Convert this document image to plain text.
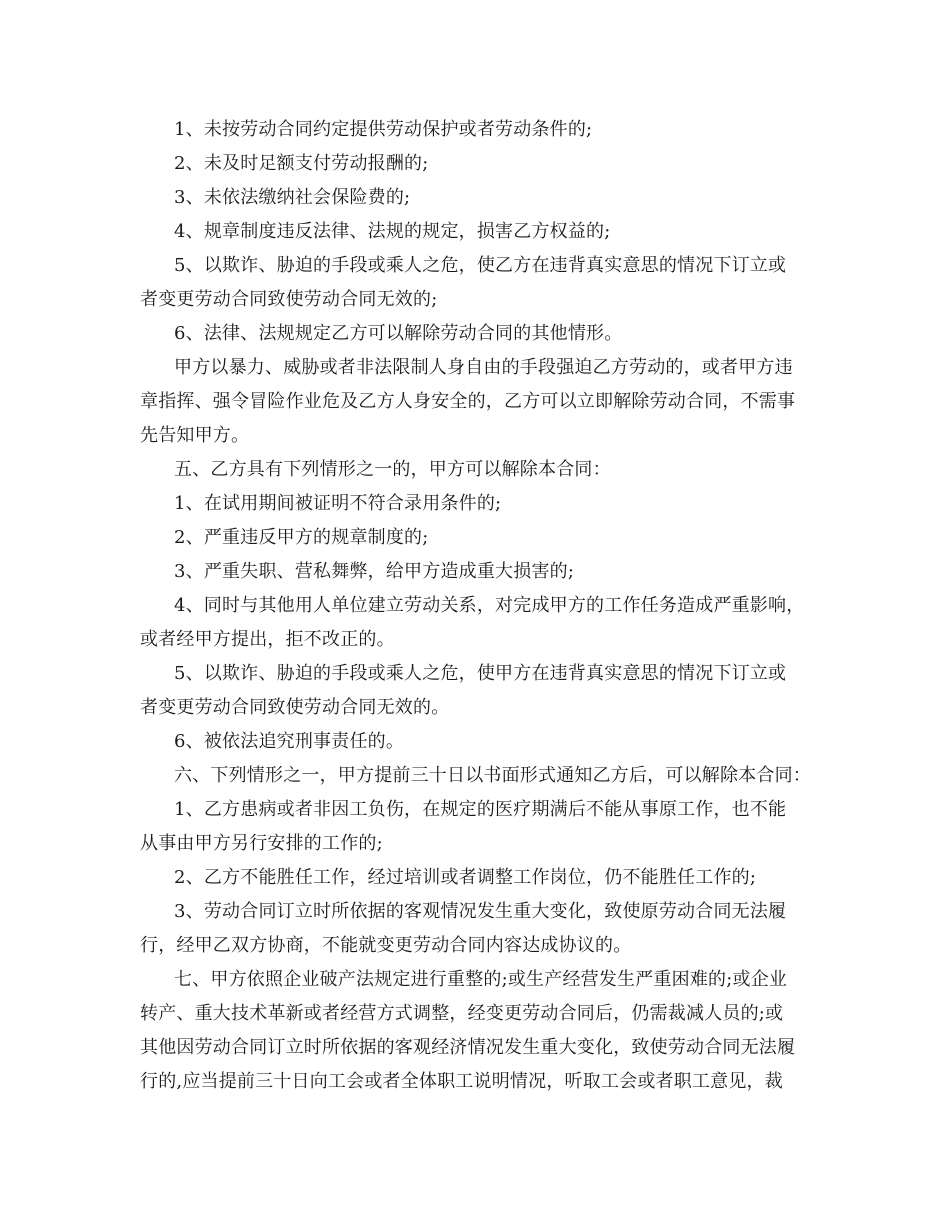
1、未按劳动合同约定提供劳动保护或者劳动条件的;
2、未及时足额支付劳动报酬的;
3、未依法缴纳社会保险费的;
4、规章制度违反法律、法规的规定，损害乙方权益的;
5、以欺诈、胁迫的手段或乘人之危，使乙方在违背真实意思的情况下订立或
者变更劳动合同致使劳动合同无效的;
6、法律、法规规定乙方可以解除劳动合同的其他情形。
甲方以暴力、威胁或者非法限制人身自由的手段强迫乙方劳动的，或者甲方违
章指挥、强令冒险作业危及乙方人身安全的，乙方可以立即解除劳动合同，不需事
先告知甲方。
五、乙方具有下列情形之一的，甲方可以解除本合同：
1、在试用期间被证明不符合录用条件的;
2、严重违反甲方的规章制度的;
3、严重失职、营私舞弊，给甲方造成重大损害的;
4、同时与其他用人单位建立劳动关系，对完成甲方的工作任务造成严重影响，
或者经甲方提出，拒不改正的。
5、以欺诈、胁迫的手段或乘人之危，使甲方在违背真实意思的情况下订立或
者变更劳动合同致使劳动合同无效的。
6、被依法追究刑事责任的。
六、下列情形之一，甲方提前三十日以书面形式通知乙方后，可以解除本合同：
1、乙方患病或者非因工负伤，在规定的医疗期满后不能从事原工作，也不能
从事由甲方另行安排的工作的;
2、乙方不能胜任工作，经过培训或者调整工作岗位，仍不能胜任工作的;
3、劳动合同订立时所依据的客观情况发生重大变化，致使原劳动合同无法履
行，经甲乙双方协商，不能就变更劳动合同内容达成协议的。
七、甲方依照企业破产法规定进行重整的;或生产经营发生严重困难的;或企业
转产、重大技术革新或者经营方式调整，经变更劳动合同后，仍需裁减人员的;或
其他因劳动合同订立时所依据的客观经济情况发生重大变化，致使劳动合同无法履
行的,应当提前三十日向工会或者全体职工说明情况，听取工会或者职工意见，裁
